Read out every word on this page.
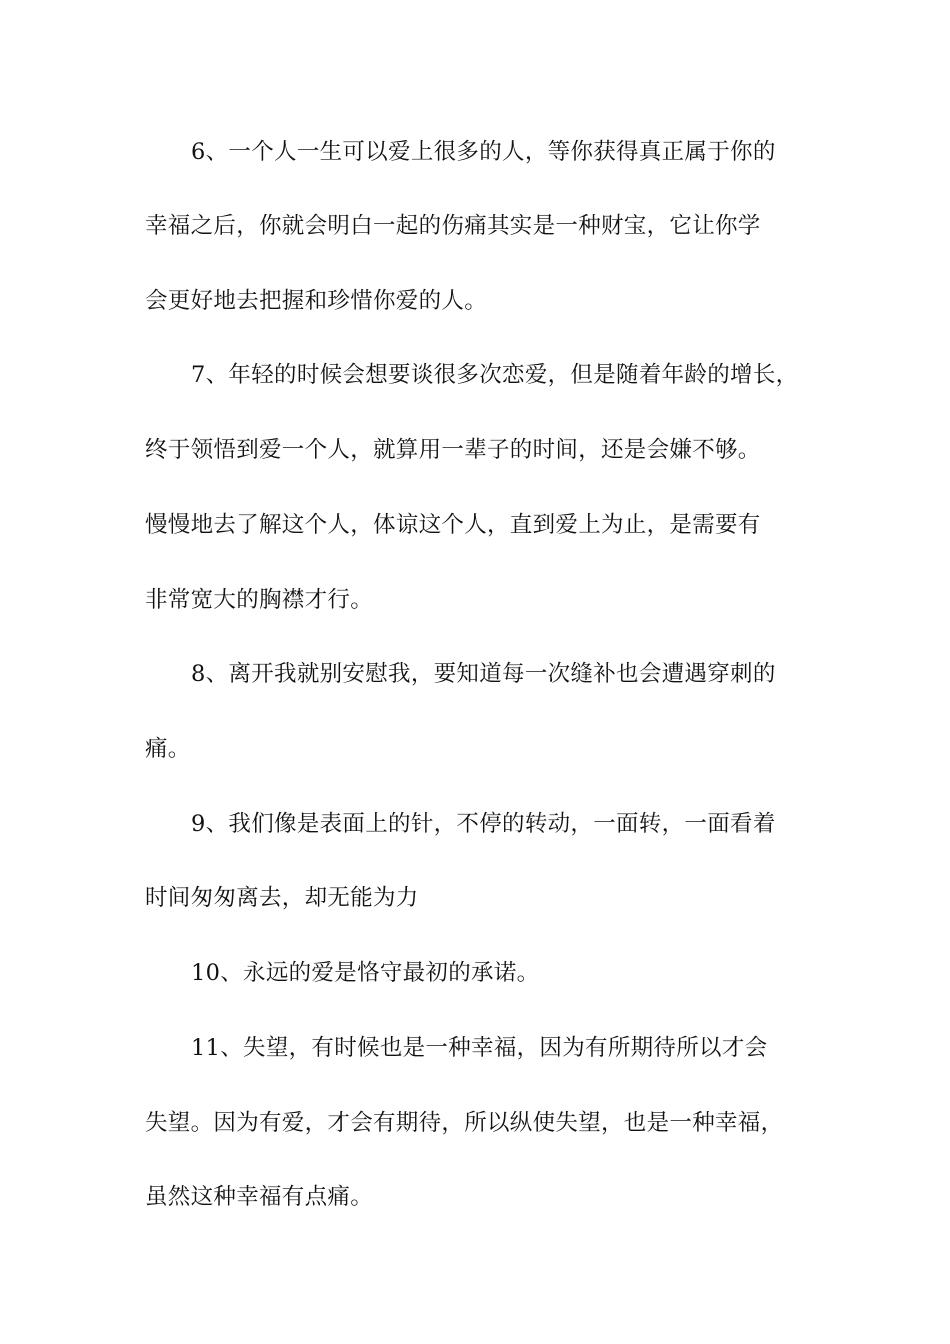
6、一个人一生可以爱上很多的人，等你获得真正属于你的
幸福之后，你就会明白一起的伤痛其实是一种财宝，它让你学
会更好地去把握和珍惜你爱的人。
7、年轻的时候会想要谈很多次恋爱，但是随着年龄的增长，
终于领悟到爱一个人，就算用一辈子的时间，还是会嫌不够。
慢慢地去了解这个人，体谅这个人，直到爱上为止，是需要有
非常宽大的胸襟才行。
8、离开我就别安慰我，要知道每一次缝补也会遭遇穿刺的
痛。
9、我们像是表面上的针，不停的转动，一面转，一面看着
时间匆匆离去，却无能为力
10、永远的爱是恪守最初的承诺。
11、失望，有时候也是一种幸福，因为有所期待所以才会
失望。因为有爱，才会有期待，所以纵使失望，也是一种幸福，
虽然这种幸福有点痛。
